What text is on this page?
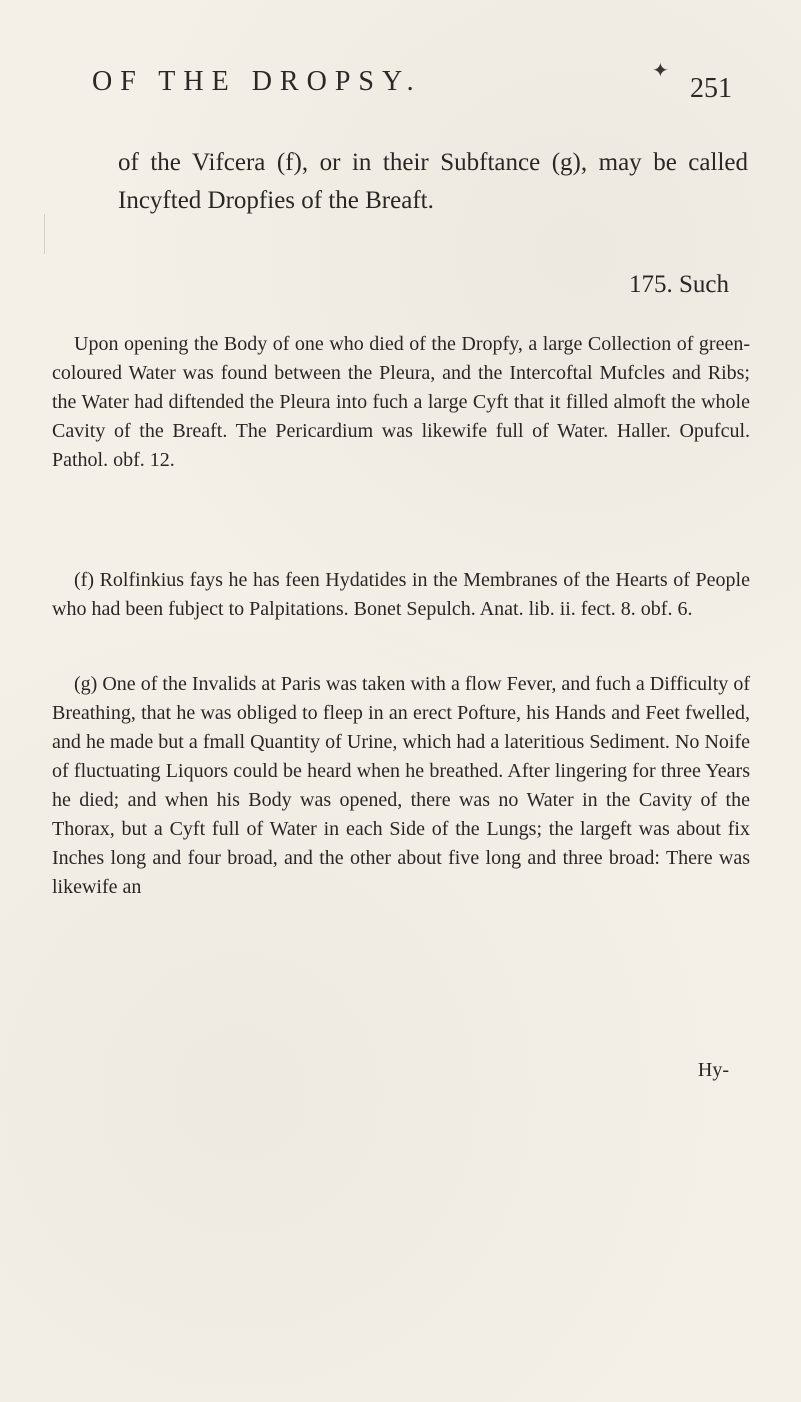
OF THE DROPSY.	251
✦

of the Vifcera (f), or in their Subftance (g), may be called Incyfted Dropfies of the Breaft.

175. Such

Upon opening the Body of one who died of the Dropfy, a large Collection of green-coloured Water was found between the Pleura, and the Intercoftal Mufcles and Ribs; the Water had diftended the Pleura into fuch a large Cyft that it filled almoft the whole Cavity of the Breaft. The Pericardium was likewife full of Water. Haller. Opufcul. Pathol. obf. 12.

(f) Rolfinkius fays he has feen Hydatides in the Membranes of the Hearts of People who had been fubject to Palpitations. Bonet Sepulch. Anat. lib. ii. fect. 8. obf. 6.

(g) One of the Invalids at Paris was taken with a flow Fever, and fuch a Difficulty of Breathing, that he was obliged to fleep in an erect Pofture, his Hands and Feet fwelled, and he made but a fmall Quantity of Urine, which had a lateritious Sediment. No Noife of fluctuating Liquors could be heard when he breathed. After lingering for three Years he died; and when his Body was opened, there was no Water in the Cavity of the Thorax, but a Cyft full of Water in each Side of the Lungs; the largeft was about fix Inches long and four broad, and the other about five long and three broad: There was likewife an

Hy-
